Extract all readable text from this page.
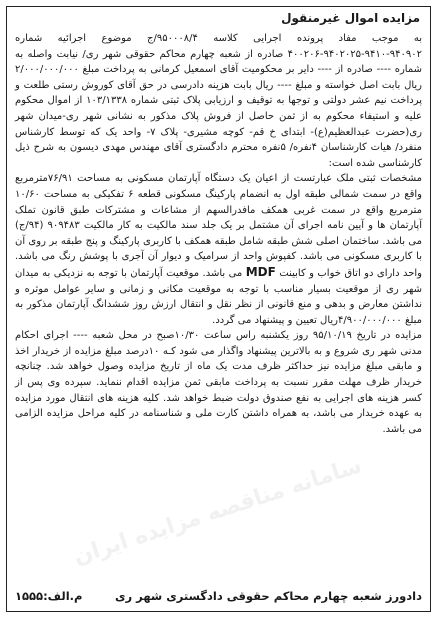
مزایده اموال غیرمنقول

به موجب مفاد پرونده اجرایی کلاسه ۹۵۰۰۰۸/۴/ج موضوع اجرائیه شماره ۹۴۰۹۰۲-۹۴۱۰-۹۴۰۲۰۲۵-۴۰۰۲۰۶ صادره از شعبه چهارم محاکم حقوقی شهر ری/ نیابت واصله به شماره ---- صادره از ---- دایر بر محکومیت آقای اسمعیل کرمانی به پرداخت مبلغ ۲/۰۰۰/۰۰۰/۰۰۰ ریال بابت اصل خواسته و مبلغ ---- ریال بابت هزینه دادرسی در حق آقای کوروش رستی طلعت و پرداخت نیم عشر دولتی و توجها به توقیف و ارزیابی پلاک ثبتی شماره ۱۰۳/۱۳۳۸ از اموال محکوم علیه و استیفاء محکوم به از ثمن حاصل از فروش پلاک مذکور به نشانی شهر ری-میدان شهر ری(حضرت عبدالعظیم(ع)- ابتدای خ قم- کوچه مشیری- پلاک ۷- واحد یک که توسط کارشناس منفرد/ هیات کارشناسان ۴نفره/ ۵نفره محترم دادگستری آقای مهندس مهدی دیسون به شرح ذیل کارشناسی شده است:

مشخصات ثبتی ملک عبارتست از اعیان یک دستگاه آپارتمان مسکونی به مساحت ۷۶/۹۱مترمربع واقع در سمت شمالی طبقه اول به انضمام پارکینگ مسکونی قطعه ۶ تفکیکی به مساحت ۱۰/۶۰ مترمربع واقع در سمت غربی همکف مافدرالسهم از مشاعات و مشترکات طبق قانون تملک آپارتمان ها و آیین نامه اجرای آن مشتمل بر یک جلد سند مالکیت به کار مالکیت ۹۰۹۴۸۳ (۹۴/ج) می باشد. ساختمان اصلی شش طبقه شامل طبقه همکف با کاربری پارکینگ و پنج طبقه بر روی آن با کاربری مسکونی می باشد. کفپوش واحد از سرامیک و دیوار آن آجری با پوشش رنگ می باشد. واحد دارای دو اتاق خواب و کابینت MDF می باشد. موقعیت آپارتمان با توجه به نزدیکی به میدان شهر ری از موقعیت بسیار مناسب با توجه به موقعیت مکانی و زمانی و سایر عوامل موثره و نداشتن معارض و بدهی و منع قانونی از نظر نقل و انتقال ارزش روز ششدانگ آپارتمان مذکور به مبلغ ۴/۹۰۰/۰۰۰/۰۰۰ریال تعیین و پیشنهاد می گردد.

مزایده در تاریخ ۹۵/۱۰/۱۹ روز یکشنبه راس ساعت ۱۰/۳۰صبح در محل شعبه ---- اجرای احکام مدنی شهر ری شروع و به بالاترین پیشنهاد واگذار می شود کـه ۱۰درصد مبلغ مزایده از خریدار اخذ و مابقی مبلغ مزایده نیز حداکثر ظرف مدت یک ماه از تاریخ مزایده وصول خواهد شد. چنانچه خریدار ظرف مهلت مقرر نسبت به پرداخت مابقی ثمن مزایده اقدام ننماید. سپرده وی پس از کسر هزینه های اجرایی به نفع صندوق دولت ضبط خواهد شد. کلیه هزینه های انتقال مورد مزایده به عهده خریدار می باشد، به همراه داشتن کارت ملی و شناسنامه در کلیه مراحل مزایده الزامی می باشد.

سامانه مناقصه مزایده ایران
دادورز شعبه چهارم محاکم حقوقی دادگستری شهر ری
م.الف:۱۵۵۵
